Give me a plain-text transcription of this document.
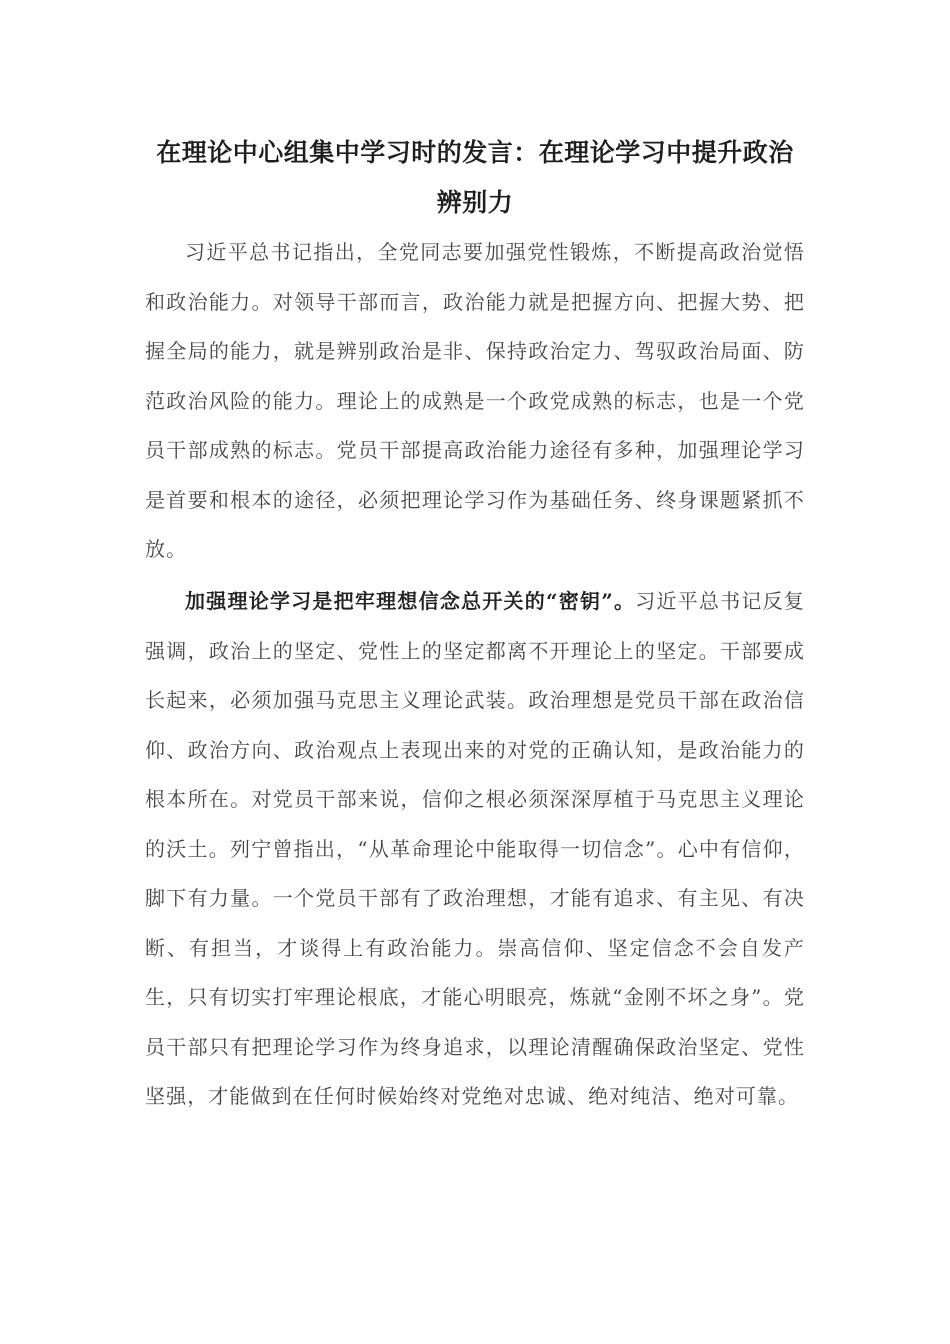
在理论中心组集中学习时的发言：在理论学习中提升政治辨别力

习近平总书记指出，全党同志要加强党性锻炼，不断提高政治觉悟和政治能力。对领导干部而言，政治能力就是把握方向、把握大势、把握全局的能力，就是辨别政治是非、保持政治定力、驾驭政治局面、防范政治风险的能力。理论上的成熟是一个政党成熟的标志，也是一个党员干部成熟的标志。党员干部提高政治能力途径有多种，加强理论学习是首要和根本的途径，必须把理论学习作为基础任务、终身课题紧抓不放。

加强理论学习是把牢理想信念总开关的“密钥”。习近平总书记反复强调，政治上的坚定、党性上的坚定都离不开理论上的坚定。干部要成长起来，必须加强马克思主义理论武装。政治理想是党员干部在政治信仰、政治方向、政治观点上表现出来的对党的正确认知，是政治能力的根本所在。对党员干部来说，信仰之根必须深深厚植于马克思主义理论的沃土。列宁曾指出，“从革命理论中能取得一切信念”。心中有信仰，脚下有力量。一个党员干部有了政治理想，才能有追求、有主见、有决断、有担当，才谈得上有政治能力。崇高信仰、坚定信念不会自发产生，只有切实打牢理论根底，才能心明眼亮，炼就“金刚不坏之身”。党员干部只有把理论学习作为终身追求，以理论清醒确保政治坚定、党性坚强，才能做到在任何时候始终对党绝对忠诚、绝对纯洁、绝对可靠。
